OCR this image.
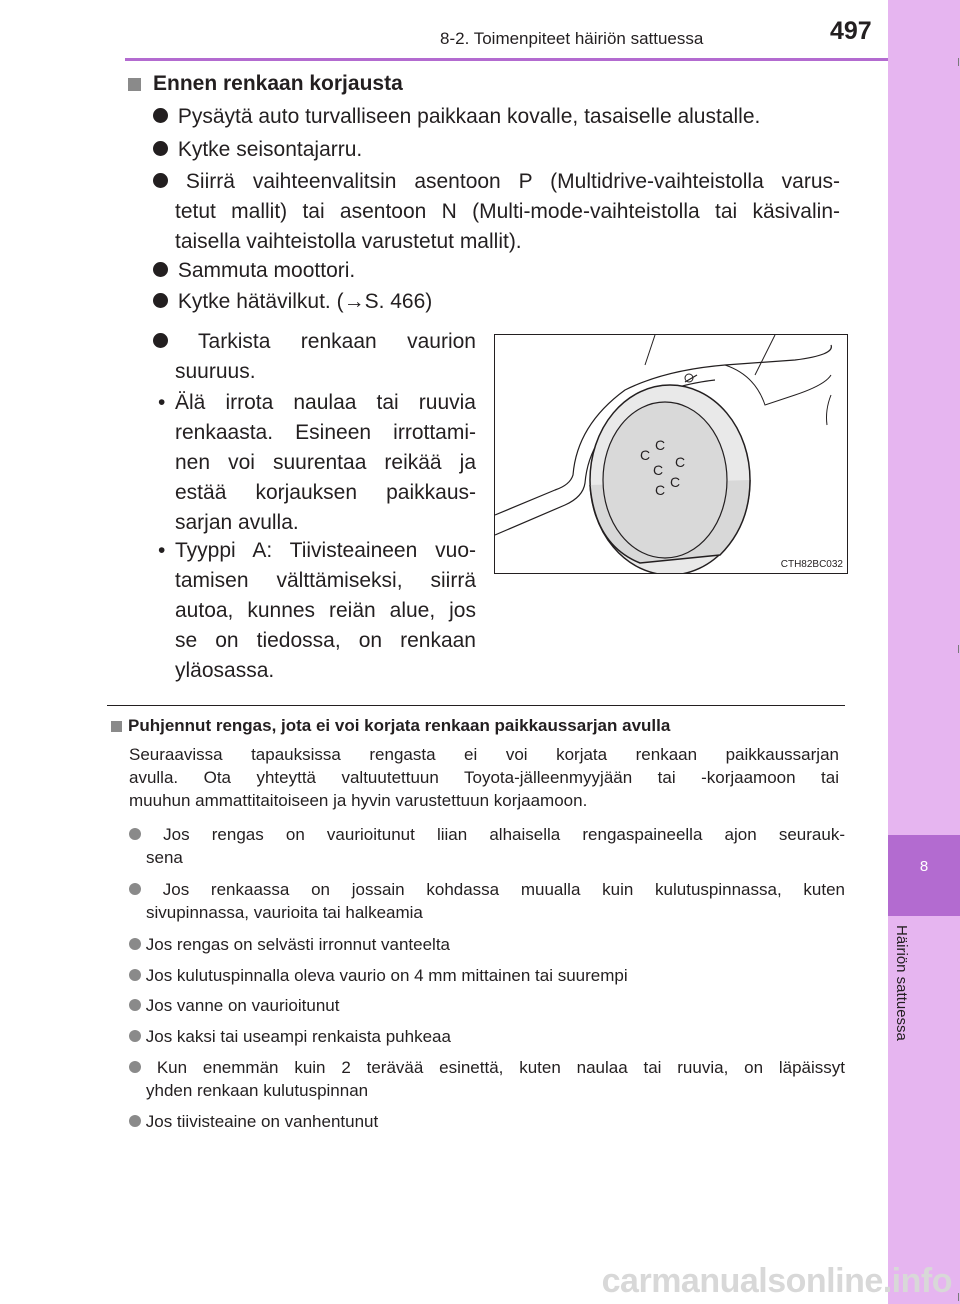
8
Häiriön sattuessa
8-2. Toimenpiteet häiriön sattuessa	497
Ennen renkaan korjausta
Pysäytä auto turvalliseen paikkaan kovalle, tasaiselle alustalle.
Kytke seisontajarru.
Siirrä vaihteenvalitsin asentoon P (Multidrive-vaihteistolla varus-
tetut mallit) tai asentoon N (Multi-mode-vaihteistolla tai käsivalin-
taisella vaihteistolla varustetut mallit).
Sammuta moottori.
Kytke hätävilkut. (→S. 466)
Tarkista renkaan vaurion
suuruus.
• Älä irrota naulaa tai ruuvia
renkaasta. Esineen irrottami-
nen voi suurentaa reikää ja
estää korjauksen paikkaus-
sarjan avulla.
• Tyyppi A: Tiivisteaineen vuo-
tamisen välttämiseksi, siirrä
autoa, kunnes reiän alue, jos
se on tiedossa, on renkaan
yläosassa.
C
C
C
C
C
C
CTH82BC032
Puhjennut rengas, jota ei voi korjata renkaan paikkaussarjan avulla
Seuraavissa tapauksissa rengasta ei voi korjata renkaan paikkaussarjan
avulla. Ota yhteyttä valtuutettuun Toyota-jälleenmyyjään tai -korjaamoon tai
muuhun ammattitaitoiseen ja hyvin varustettuun korjaamoon.
Jos rengas on vaurioitunut liian alhaisella rengaspaineella ajon seurauk-
sena
Jos renkaassa on jossain kohdassa muualla kuin kulutuspinnassa, kuten
sivupinnassa, vaurioita tai halkeamia
Jos rengas on selvästi irronnut vanteelta
Jos kulutuspinnalla oleva vaurio on 4 mm mittainen tai suurempi
Jos vanne on vaurioitunut
Jos kaksi tai useampi renkaista puhkeaa
Kun enemmän kuin 2 terävää esinettä, kuten naulaa tai ruuvia, on läpäissyt
yhden renkaan kulutuspinnan
Jos tiivisteaine on vanhentunut
carmanualsonline.info
